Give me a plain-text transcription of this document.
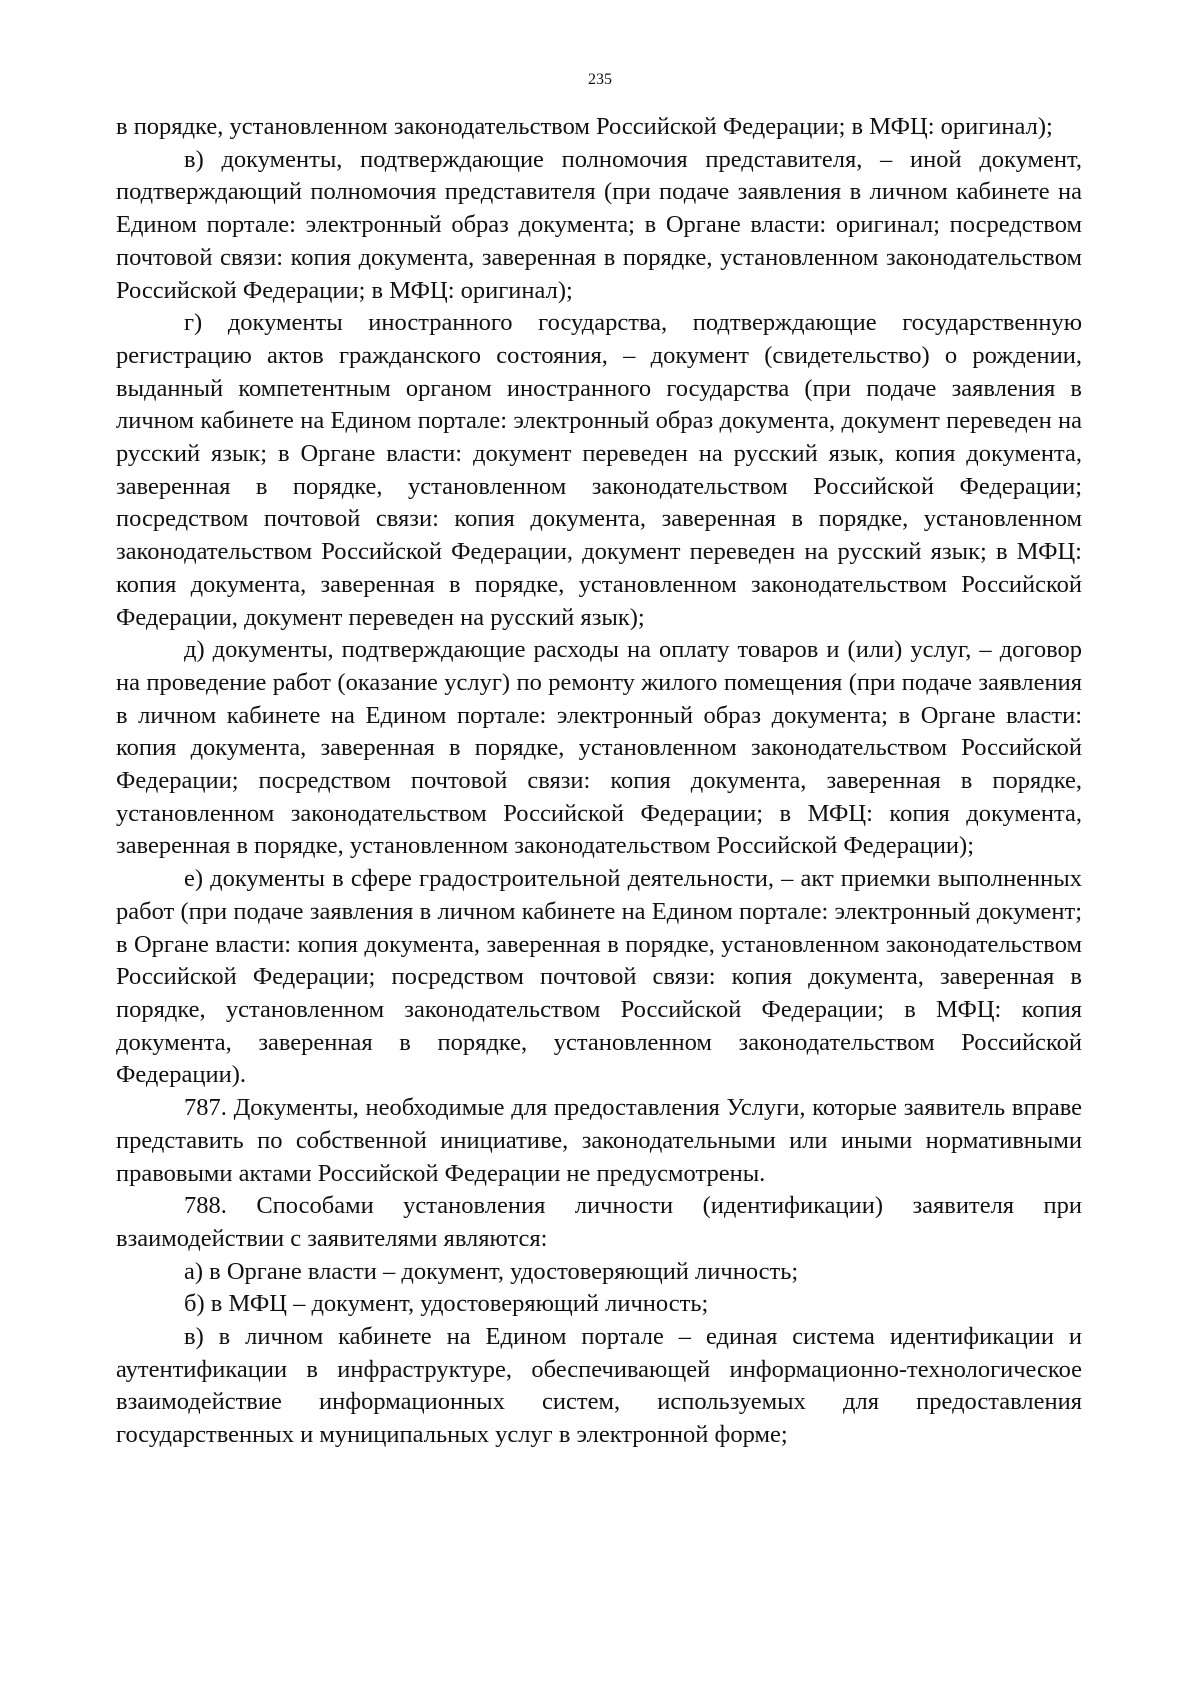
235

в порядке, установленном законодательством Российской Федерации; в МФЦ: оригинал);

в) документы, подтверждающие полномочия представителя, – иной документ, подтверждающий полномочия представителя (при подаче заявления в личном кабинете на Едином портале: электронный образ документа; в Органе власти: оригинал; посредством почтовой связи: копия документа, заверенная в порядке, установленном законодательством Российской Федерации; в МФЦ: оригинал);

г) документы иностранного государства, подтверждающие государственную регистрацию актов гражданского состояния, – документ (свидетельство) о рождении, выданный компетентным органом иностранного государства (при подаче заявления в личном кабинете на Едином портале: электронный образ документа, документ переведен на русский язык; в Органе власти: документ переведен на русский язык, копия документа, заверенная в порядке, установленном законодательством Российской Федерации; посредством почтовой связи: копия документа, заверенная в порядке, установленном законодательством Российской Федерации, документ переведен на русский язык; в МФЦ: копия документа, заверенная в порядке, установленном законодательством Российской Федерации, документ переведен на русский язык);

д) документы, подтверждающие расходы на оплату товаров и (или) услуг, – договор на проведение работ (оказание услуг) по ремонту жилого помещения (при подаче заявления в личном кабинете на Едином портале: электронный образ документа; в Органе власти: копия документа, заверенная в порядке, установленном законодательством Российской Федерации; посредством почтовой связи: копия документа, заверенная в порядке, установленном законодательством Российской Федерации; в МФЦ: копия документа, заверенная в порядке, установленном законодательством Российской Федерации);

е) документы в сфере градостроительной деятельности, – акт приемки выполненных работ (при подаче заявления в личном кабинете на Едином портале: электронный документ; в Органе власти: копия документа, заверенная в порядке, установленном законодательством Российской Федерации; посредством почтовой связи: копия документа, заверенная в порядке, установленном законодательством Российской Федерации; в МФЦ: копия документа, заверенная в порядке, установленном законодательством Российской Федерации).

787. Документы, необходимые для предоставления Услуги, которые заявитель вправе представить по собственной инициативе, законодательными или иными нормативными правовыми актами Российской Федерации не предусмотрены.

788. Способами установления личности (идентификации) заявителя при взаимодействии с заявителями являются:

а) в Органе власти – документ, удостоверяющий личность;

б) в МФЦ – документ, удостоверяющий личность;

в) в личном кабинете на Едином портале – единая система идентификации и аутентификации в инфраструктуре, обеспечивающей информационно-технологическое взаимодействие информационных систем, используемых для предоставления государственных и муниципальных услуг в электронной форме;
